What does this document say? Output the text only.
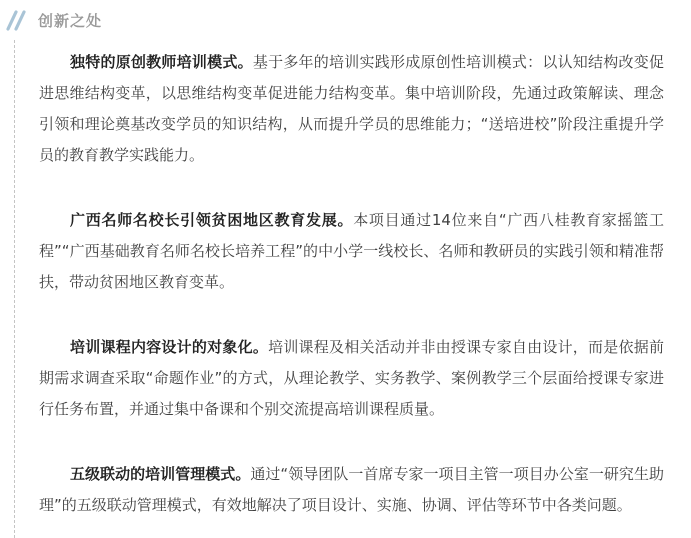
创新之处

独特的原创教师培训模式。基于多年的培训实践形成原创性培训模式：以认知结构改变促进思维结构变革，以思维结构变革促进能力结构变革。集中培训阶段，先通过政策解读、理念引领和理论奠基改变学员的知识结构，从而提升学员的思维能力；“送培进校”阶段注重提升学员的教育教学实践能力。

广西名师名校长引领贫困地区教育发展。本项目通过14位来自“广西八桂教育家摇篮工程”“广西基础教育名师名校长培养工程”的中小学一线校长、名师和教研员的实践引领和精准帮扶，带动贫困地区教育变革。

培训课程内容设计的对象化。培训课程及相关活动并非由授课专家自由设计，而是依据前期需求调查采取“命题作业”的方式，从理论教学、实务教学、案例教学三个层面给授课专家进行任务布置，并通过集中备课和个别交流提高培训课程质量。

五级联动的培训管理模式。通过“领导团队一首席专家一项目主管一项目办公室一研究生助理”的五级联动管理模式，有效地解决了项目设计、实施、协调、评估等环节中各类问题。
